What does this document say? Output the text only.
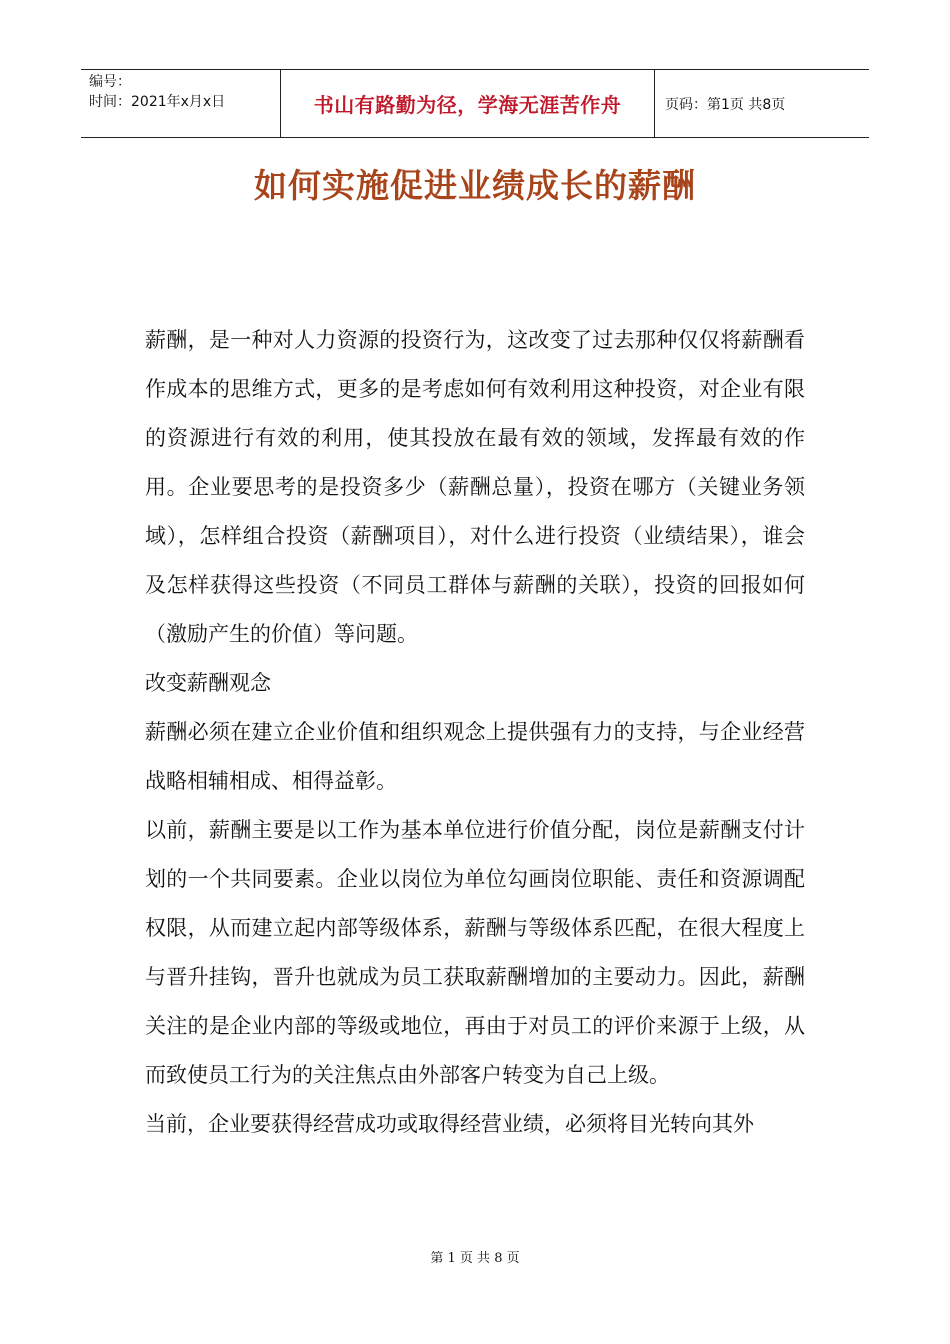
编号：
时间：2021年x月x日	书山有路勤为径，学海无涯苦作舟	页码：第1页 共8页
如何实施促进业绩成长的薪酬

薪酬，是一种对人力资源的投资行为，这改变了过去那种仅仅将薪酬看作成本的思维方式，更多的是考虑如何有效利用这种投资，对企业有限的资源进行有效的利用，使其投放在最有效的领域，发挥最有效的作用。企业要思考的是投资多少（薪酬总量），投资在哪方（关键业务领域），怎样组合投资（薪酬项目），对什么进行投资（业绩结果），谁会及怎样获得这些投资（不同员工群体与薪酬的关联），投资的回报如何（激励产生的价值）等问题。

改变薪酬观念

薪酬必须在建立企业价值和组织观念上提供强有力的支持，与企业经营战略相辅相成、相得益彰。

以前，薪酬主要是以工作为基本单位进行价值分配，岗位是薪酬支付计划的一个共同要素。企业以岗位为单位勾画岗位职能、责任和资源调配权限，从而建立起内部等级体系，薪酬与等级体系匹配，在很大程度上与晋升挂钩，晋升也就成为员工获取薪酬增加的主要动力。因此，薪酬关注的是企业内部的等级或地位，再由于对员工的评价来源于上级，从而致使员工行为的关注焦点由外部客户转变为自己上级。

当前，企业要获得经营成功或取得经营业绩，必须将目光转向其外

第 1 页 共 8 页
